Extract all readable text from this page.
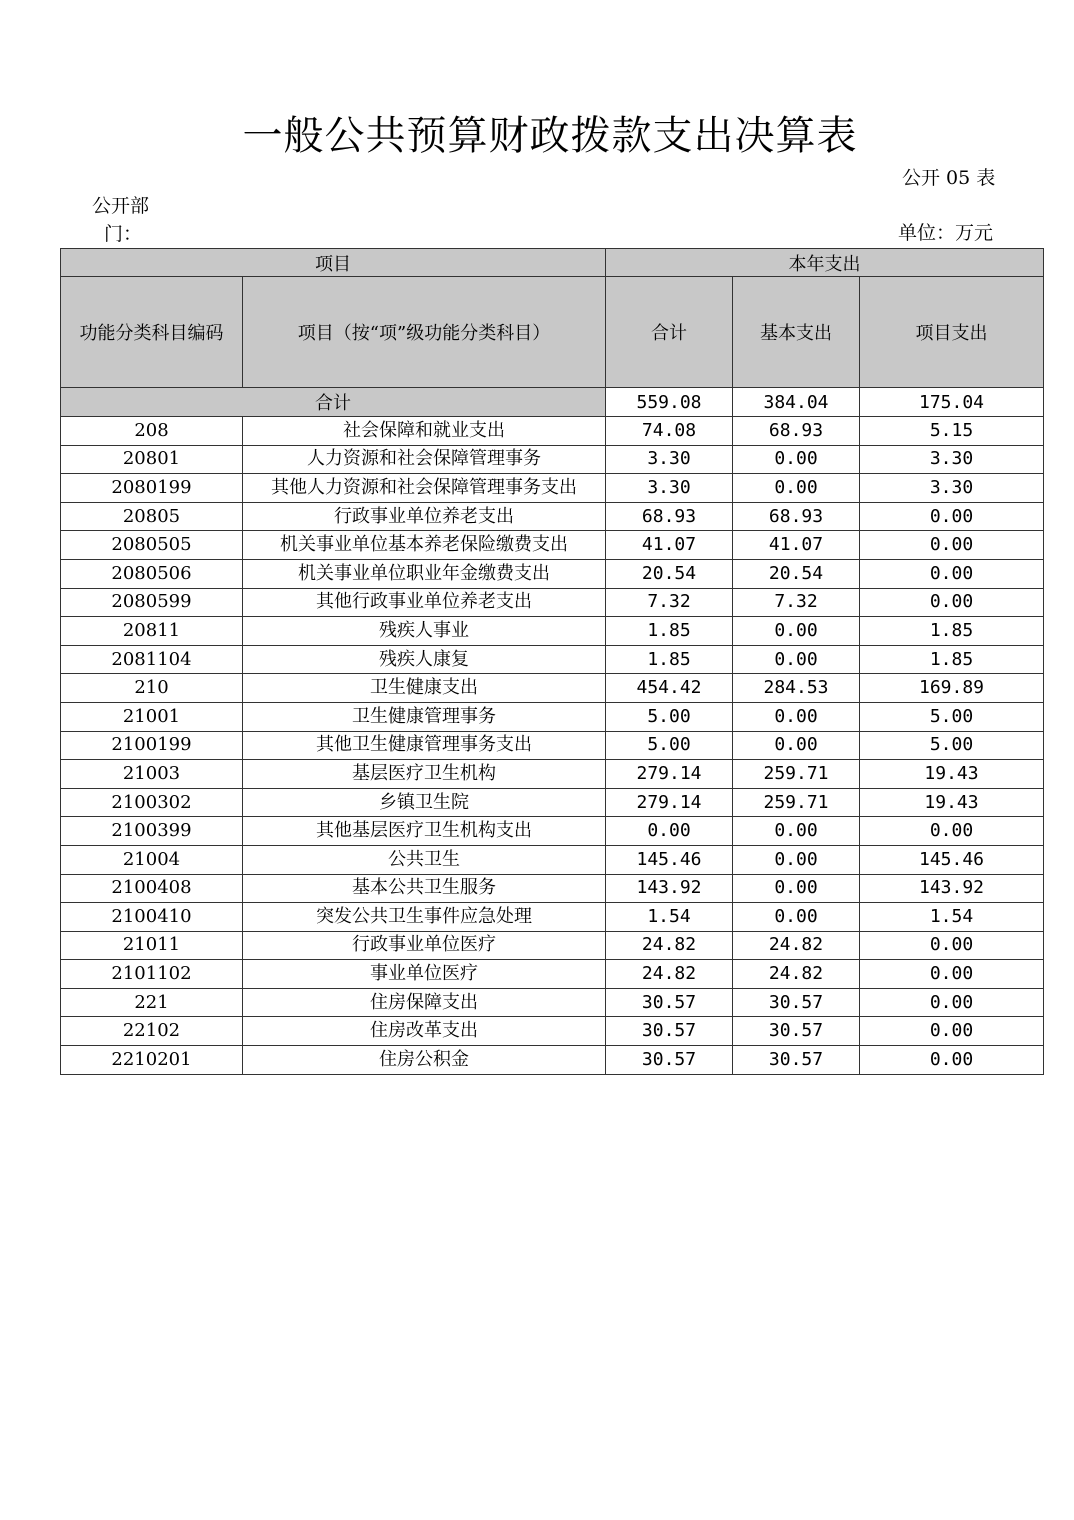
一般公共预算财政拨款支出决算表
公开 05 表
公开部
门：	单位：万元
项目		本年支出		
功能分类科目编码	项目（按“项”级功能分类科目）	合计	基本支出	项目支出
合计		559.08	384.04	175.04
208	社会保障和就业支出	74.08	68.93	5.15
20801	人力资源和社会保障管理事务	3.30	0.00	3.30
2080199	其他人力资源和社会保障管理事务支出	3.30	0.00	3.30
20805	行政事业单位养老支出	68.93	68.93	0.00
2080505	机关事业单位基本养老保险缴费支出	41.07	41.07	0.00
2080506	机关事业单位职业年金缴费支出	20.54	20.54	0.00
2080599	其他行政事业单位养老支出	7.32	7.32	0.00
20811	残疾人事业	1.85	0.00	1.85
2081104	残疾人康复	1.85	0.00	1.85
210	卫生健康支出	454.42	284.53	169.89
21001	卫生健康管理事务	5.00	0.00	5.00
2100199	其他卫生健康管理事务支出	5.00	0.00	5.00
21003	基层医疗卫生机构	279.14	259.71	19.43
2100302	乡镇卫生院	279.14	259.71	19.43
2100399	其他基层医疗卫生机构支出	0.00	0.00	0.00
21004	公共卫生	145.46	0.00	145.46
2100408	基本公共卫生服务	143.92	0.00	143.92
2100410	突发公共卫生事件应急处理	1.54	0.00	1.54
21011	行政事业单位医疗	24.82	24.82	0.00
2101102	事业单位医疗	24.82	24.82	0.00
221	住房保障支出	30.57	30.57	0.00
22102	住房改革支出	30.57	30.57	0.00
2210201	住房公积金	30.57	30.57	0.00
